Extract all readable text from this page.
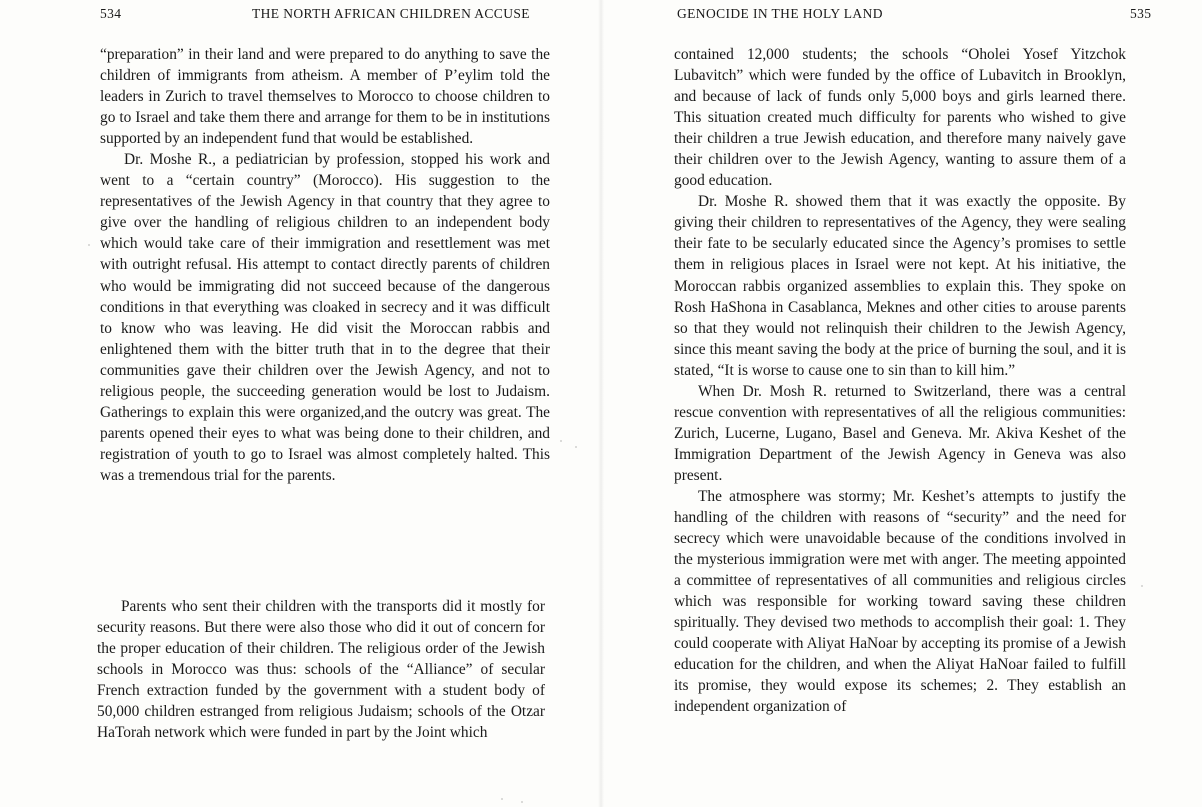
534	THE NORTH AFRICAN CHILDREN ACCUSE

“preparation” in their land and were prepared to do anything to save the children of immigrants from atheism. A member of P’eylim told the leaders in Zurich to travel themselves to Morocco to choose children to go to Israel and take them there and arrange for them to be in institutions supported by an independent fund that would be established.

Dr. Moshe R., a pediatrician by profession, stopped his work and went to a “certain country” (Morocco). His suggestion to the representatives of the Jewish Agency in that country that they agree to give over the handling of religious children to an independent body which would take care of their immigration and resettlement was met with outright refusal. His attempt to contact directly parents of children who would be immigrating did not succeed because of the dangerous conditions in that everything was cloaked in secrecy and it was difficult to know who was leaving. He did visit the Moroccan rabbis and enlightened them with the bitter truth that in to the degree that their communities gave their children over the Jewish Agency, and not to religious people, the succeeding generation would be lost to Judaism. Gatherings to explain this were organized,and the outcry was great. The parents opened their eyes to what was being done to their children, and registration of youth to go to Israel was almost completely halted. This was a tremendous trial for the parents.

Parents who sent their children with the transports did it mostly for security reasons. But there were also those who did it out of concern for the proper education of their children. The religious order of the Jewish schools in Morocco was thus: schools of the “Alliance” of secular French extraction funded by the government with a student body of 50,000 children estranged from religious Judaism; schools of the Otzar HaTorah network which were funded in part by the Joint which

GENOCIDE IN THE HOLY LAND	535

contained 12,000 students; the schools “Oholei Yosef Yitzchok Lubavitch” which were funded by the office of Lubavitch in Brooklyn, and because of lack of funds only 5,000 boys and girls learned there. This situation created much difficulty for parents who wished to give their children a true Jewish education, and therefore many naively gave their children over to the Jewish Agency, wanting to assure them of a good education.

Dr. Moshe R. showed them that it was exactly the opposite. By giving their children to representatives of the Agency, they were sealing their fate to be secularly educated since the Agency’s promises to settle them in religious places in Israel were not kept. At his initiative, the Moroccan rabbis organized assemblies to explain this. They spoke on Rosh HaShona in Casablanca, Meknes and other cities to arouse parents so that they would not relinquish their children to the Jewish Agency, since this meant saving the body at the price of burning the soul, and it is stated, “It is worse to cause one to sin than to kill him.”

When Dr. Mosh R. returned to Switzerland, there was a central rescue convention with representatives of all the religious communities: Zurich, Lucerne, Lugano, Basel and Geneva. Mr. Akiva Keshet of the Immigration Department of the Jewish Agency in Geneva was also present.

The atmosphere was stormy; Mr. Keshet’s attempts to justify the handling of the children with reasons of “security” and the need for secrecy which were unavoidable because of the conditions involved in the mysterious immigration were met with anger. The meeting appointed a committee of representatives of all communities and religious circles which was responsible for working toward saving these children spiritually. They devised two methods to accomplish their goal: 1. They could cooperate with Aliyat HaNoar by accepting its promise of a Jewish education for the children, and when the Aliyat HaNoar failed to fulfill its promise, they would expose its schemes; 2. They establish an independent organization of
